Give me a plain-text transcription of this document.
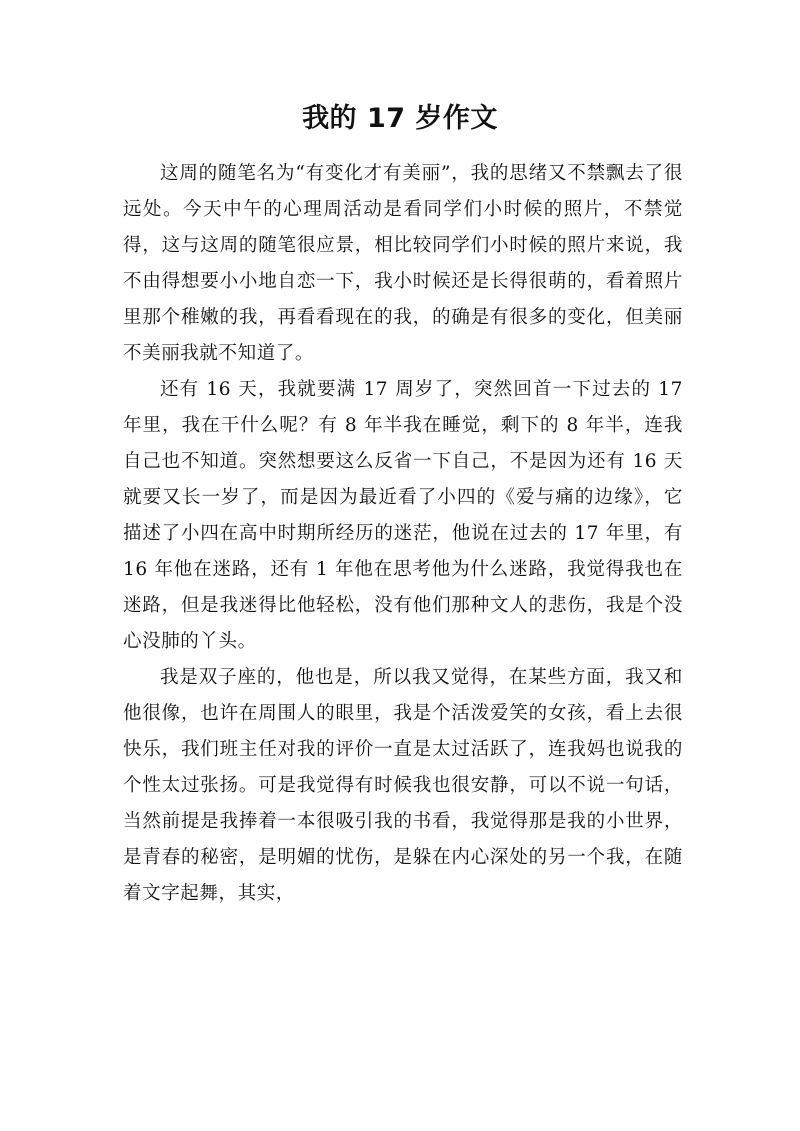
我的 17 岁作文

这周的随笔名为“有变化才有美丽”，我的思绪又不禁飘去了很远处。今天中午的心理周活动是看同学们小时候的照片，不禁觉得，这与这周的随笔很应景，相比较同学们小时候的照片来说，我不由得想要小小地自恋一下，我小时候还是长得很萌的，看着照片里那个稚嫩的我，再看看现在的我，的确是有很多的变化，但美丽不美丽我就不知道了。

还有 16 天，我就要满 17 周岁了，突然回首一下过去的 17 年里，我在干什么呢？有 8 年半我在睡觉，剩下的 8 年半，连我自己也不知道。突然想要这么反省一下自己，不是因为还有 16 天就要又长一岁了，而是因为最近看了小四的《爱与痛的边缘》，它描述了小四在高中时期所经历的迷茫，他说在过去的 17 年里，有 16 年他在迷路，还有 1 年他在思考他为什么迷路，我觉得我也在迷路，但是我迷得比他轻松，没有他们那种文人的悲伤，我是个没心没肺的丫头。

我是双子座的，他也是，所以我又觉得，在某些方面，我又和他很像，也许在周围人的眼里，我是个活泼爱笑的女孩，看上去很快乐，我们班主任对我的评价一直是太过活跃了，连我妈也说我的个性太过张扬。可是我觉得有时候我也很安静，可以不说一句话，当然前提是我捧着一本很吸引我的书看，我觉得那是我的小世界，是青春的秘密，是明媚的忧伤，是躲在内心深处的另一个我，在随着文字起舞，其实，
